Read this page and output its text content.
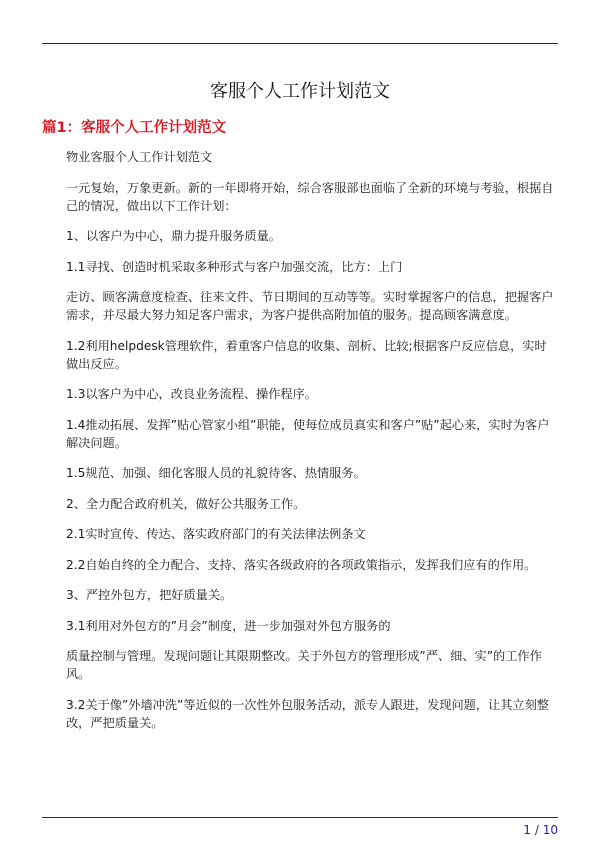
客服个人工作计划范文
篇1：客服个人工作计划范文

物业客服个人工作计划范文

一元复始，万象更新。新的一年即将开始，综合客服部也面临了全新的环境与考验，根据自己的情况，做出以下工作计划：

1、以客户为中心，鼎力提升服务质量。

1.1寻找、创造时机采取多种形式与客户加强交流，比方：上门

走访、顾客满意度检查、往来文件、节日期间的互动等等。实时掌握客户的信息，把握客户需求，并尽最大努力知足客户需求，为客户提供高附加值的服务。提高顾客满意度。

1.2利用helpdesk管理软件，着重客户信息的收集、剖析、比较;根据客户反应信息，实时做出反应。

1.3以客户为中心，改良业务流程、操作程序。

1.4推动拓展、发挥”贴心管家小组”职能，使每位成员真实和客户”贴”起心来，实时为客户解决问题。

1.5规范、加强、细化客服人员的礼貌待客、热情服务。

2、全力配合政府机关，做好公共服务工作。

2.1实时宣传、传达、落实政府部门的有关法律法例条文

2.2自始自终的全力配合、支持、落实各级政府的各项政策指示，发挥我们应有的作用。

3、严控外包方，把好质量关。

3.1利用对外包方的”月会”制度，进一步加强对外包方服务的

质量控制与管理。发现问题让其限期整改。关于外包方的管理形成”严、细、实”的工作作风。

3.2关于像”外墙冲洗”等近似的一次性外包服务活动，派专人跟进，发现问题，让其立刻整改，严把质量关。

1 / 10
